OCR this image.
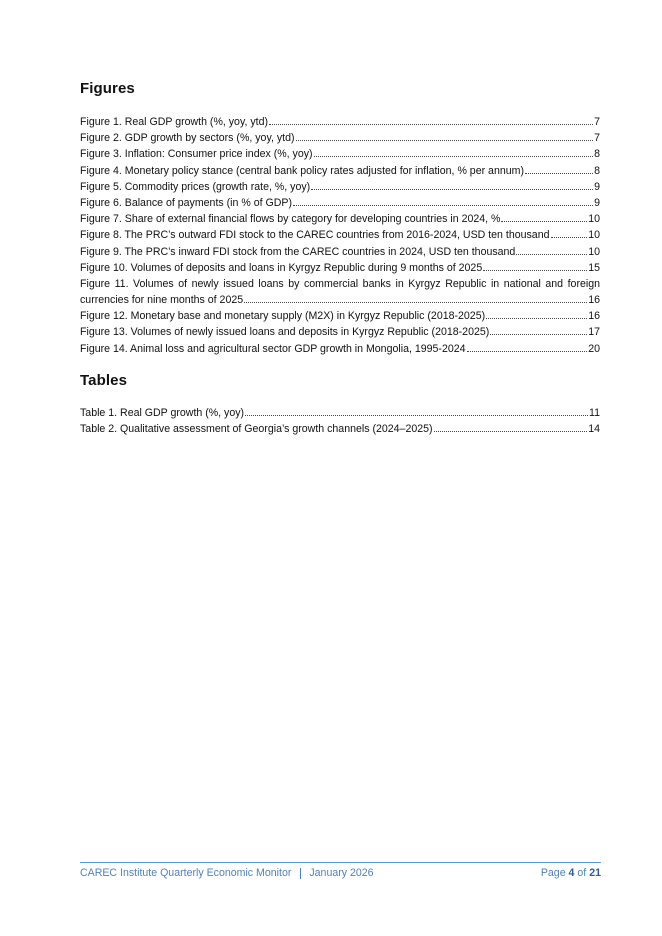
Figures
Figure 1. Real GDP growth (%, yoy, ytd)	7
Figure 2. GDP growth by sectors (%, yoy, ytd)	7
Figure 3. Inflation: Consumer price index (%, yoy)	8
Figure 4. Monetary policy stance (central bank policy rates adjusted for inflation, % per annum)	8
Figure 5. Commodity prices (growth rate, %, yoy)	9
Figure 6. Balance of payments (in % of GDP)	9
Figure 7. Share of external financial flows by category for developing countries in 2024, %	10
Figure 8. The PRC’s outward FDI stock to the CAREC countries from 2016-2024, USD ten thousand	10
Figure 9. The PRC’s inward FDI stock from the CAREC countries in 2024, USD ten thousand	10
Figure 10. Volumes of deposits and loans in Kyrgyz Republic during 9 months of 2025	15
Figure 11. Volumes of newly issued loans by commercial banks in Kyrgyz Republic in national and foreign
currencies for nine months of 2025	16
Figure 12. Monetary base and monetary supply (M2X) in Kyrgyz Republic (2018-2025)	16
Figure 13. Volumes of newly issued loans and deposits in Kyrgyz Republic (2018-2025)	17
Figure 14. Animal loss and agricultural sector GDP growth in Mongolia, 1995-2024	20
Tables
Table 1. Real GDP growth (%, yoy)	11
Table 2. Qualitative assessment of Georgia’s growth channels (2024–2025)	14
CAREC Institute Quarterly Economic Monitor January 2026	Page 4 of 21
